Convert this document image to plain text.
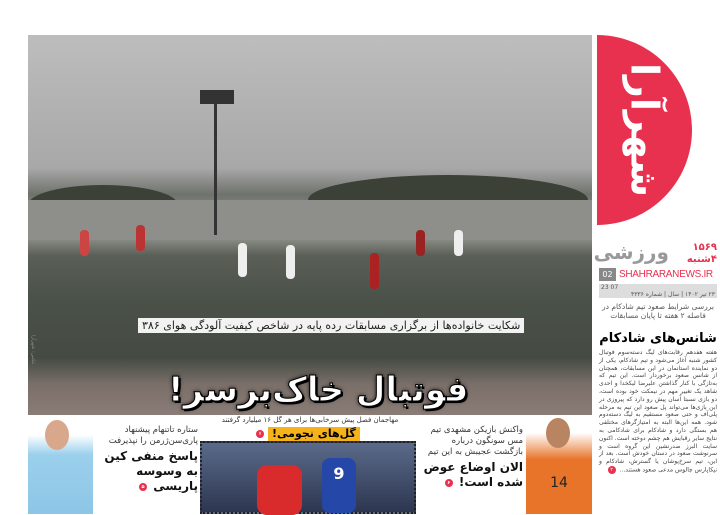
شکایت خانواده‌ها از برگزاری مسابقات رده پایه در شاخص کیفیت آلودگی هوای ۳۸۶
فوتبال خاک‌برسر!
عکس: شهرآرا
شهرآرا
ورزشی	۱۵۶۹
۴شنبه
02 SHAHRARANEWS.IR
23 07
۲۳ تیر ۱۴۰۲ | سال | شماره ۴۳۳۶
بررسی شرایط صعود تیم شادکام در فاصله ۲ هفته تا پایان مسابقات
شانس‌های شادکام
هفته هفدهم رقابت‌های لیگ دسته‌سوم فوتبال کشور شنبه آغاز می‌شود و تیم شادکام، یکی از دو نماینده استانمان در این مسابقات، همچنان از شانس صعود برخوردار است. این تیم که به‌تازگی با کنار گذاشتن علیرضا لیکخدا و احدی شاهد یک تغییر مهم در نیمکت خود بوده است، دو بازی نسبتا آسان پیش رو دارد که پیروزی در این بازی‌ها می‌تواند پل صعود این تیم به مرحله پلی‌آف و حتی صعود مستقیم به لیگ دسته‌دوم شود. همه این‌ها البته به امتیازگرهای مختلفی هم بستگی دارد و شادکام برای شادکامی به نتایج سایر رقبایش هم چشم دوخته است. اکنون سایت البرز صدرنشین این گروه است و سرنوشت صعود در دستان خودش است. بعد از این، تیم سرخ‌پوشان یا گسترش، شادکام و نیکاپارس چالوس مدعی صعود هستند... ۲
ستاره تاتنهام پیشنهاد پاری‌سن‌ژرمن را نپذیرفت
پاسخ منفی کین به وسوسه پاریسی ۵
مهاجمان فصل پیش سرخابی‌ها برای هر گل ۱۶ میلیارد گرفتند
9
گل‌های نجومی!
۷	واکنش بازیکن مشهدی تیم مس سونگون درباره بازگشت عجیبش به این تیم
الان اوضاع عوض شده است! ۶	14
